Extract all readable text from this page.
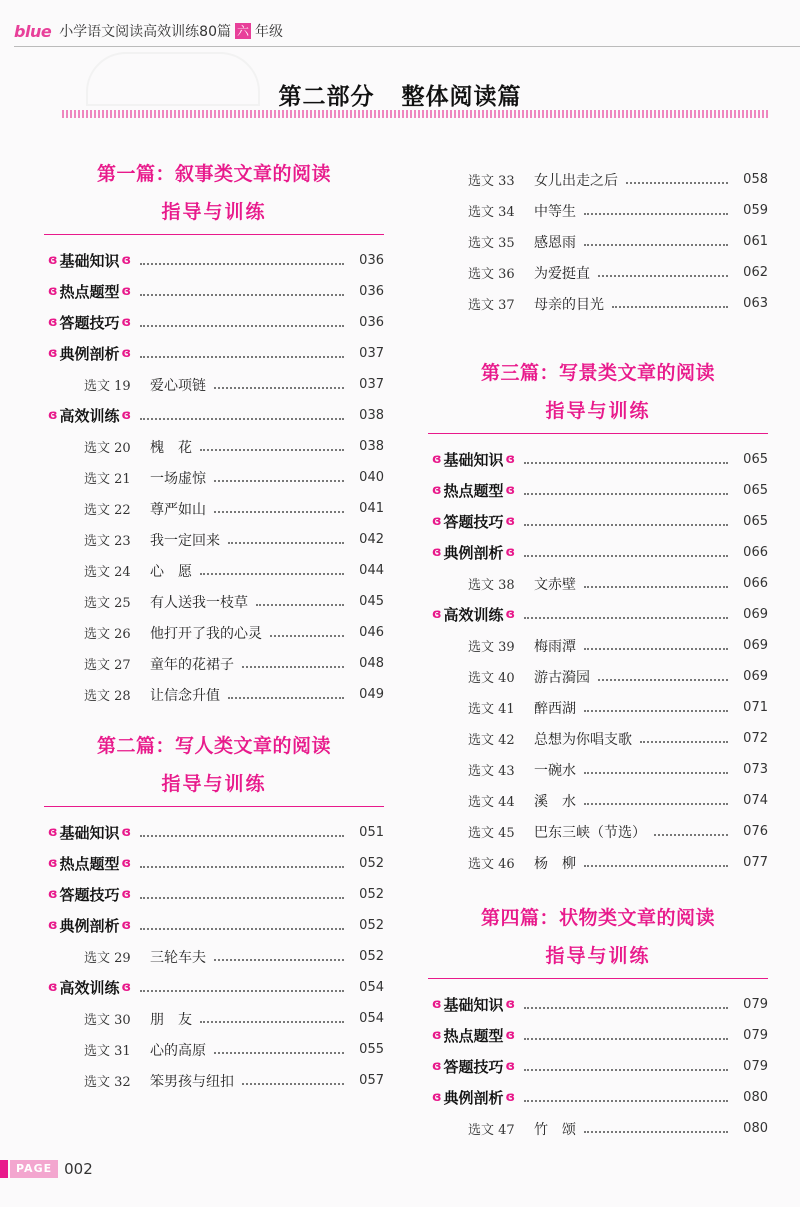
blue 小学语文阅读高效训练80篇 六 年级
第二部分 整体阅读篇
第一篇：叙事类文章的阅读
指导与训练
ɞ 基础知识 ɞ	036
ɞ 热点题型 ɞ	036
ɞ 答题技巧 ɞ	036
ɞ 典例剖析 ɞ	037
选文 19	爱心项链	037
ɞ 高效训练 ɞ	038
选文 20	槐　花	038
选文 21	一场虚惊	040
选文 22	尊严如山	041
选文 23	我一定回来	042
选文 24	心　愿	044
选文 25	有人送我一枝草	045
选文 26	他打开了我的心灵	046
选文 27	童年的花裙子	048
选文 28	让信念升值	049
第二篇：写人类文章的阅读
指导与训练
ɞ 基础知识 ɞ	051
ɞ 热点题型 ɞ	052
ɞ 答题技巧 ɞ	052
ɞ 典例剖析 ɞ	052
选文 29	三轮车夫	052
ɞ 高效训练 ɞ	054
选文 30	朋　友	054
选文 31	心的高原	055
选文 32	笨男孩与纽扣	057
选文 33	女儿出走之后	058
选文 34	中等生	059
选文 35	感恩雨	061
选文 36	为爱挺直	062
选文 37	母亲的目光	063
第三篇：写景类文章的阅读
指导与训练
ɞ 基础知识 ɞ	065
ɞ 热点题型 ɞ	065
ɞ 答题技巧 ɞ	065
ɞ 典例剖析 ɞ	066
选文 38	文赤壁	066
ɞ 高效训练 ɞ	069
选文 39	梅雨潭	069
选文 40	游古漪园	069
选文 41	醉西湖	071
选文 42	总想为你唱支歌	072
选文 43	一碗水	073
选文 44	溪　水	074
选文 45	巴东三峡（节选）	076
选文 46	杨　柳	077
第四篇：状物类文章的阅读
指导与训练
ɞ 基础知识 ɞ	079
ɞ 热点题型 ɞ	079
ɞ 答题技巧 ɞ	079
ɞ 典例剖析 ɞ	080
选文 47	竹　颂	080
PAGE 002
